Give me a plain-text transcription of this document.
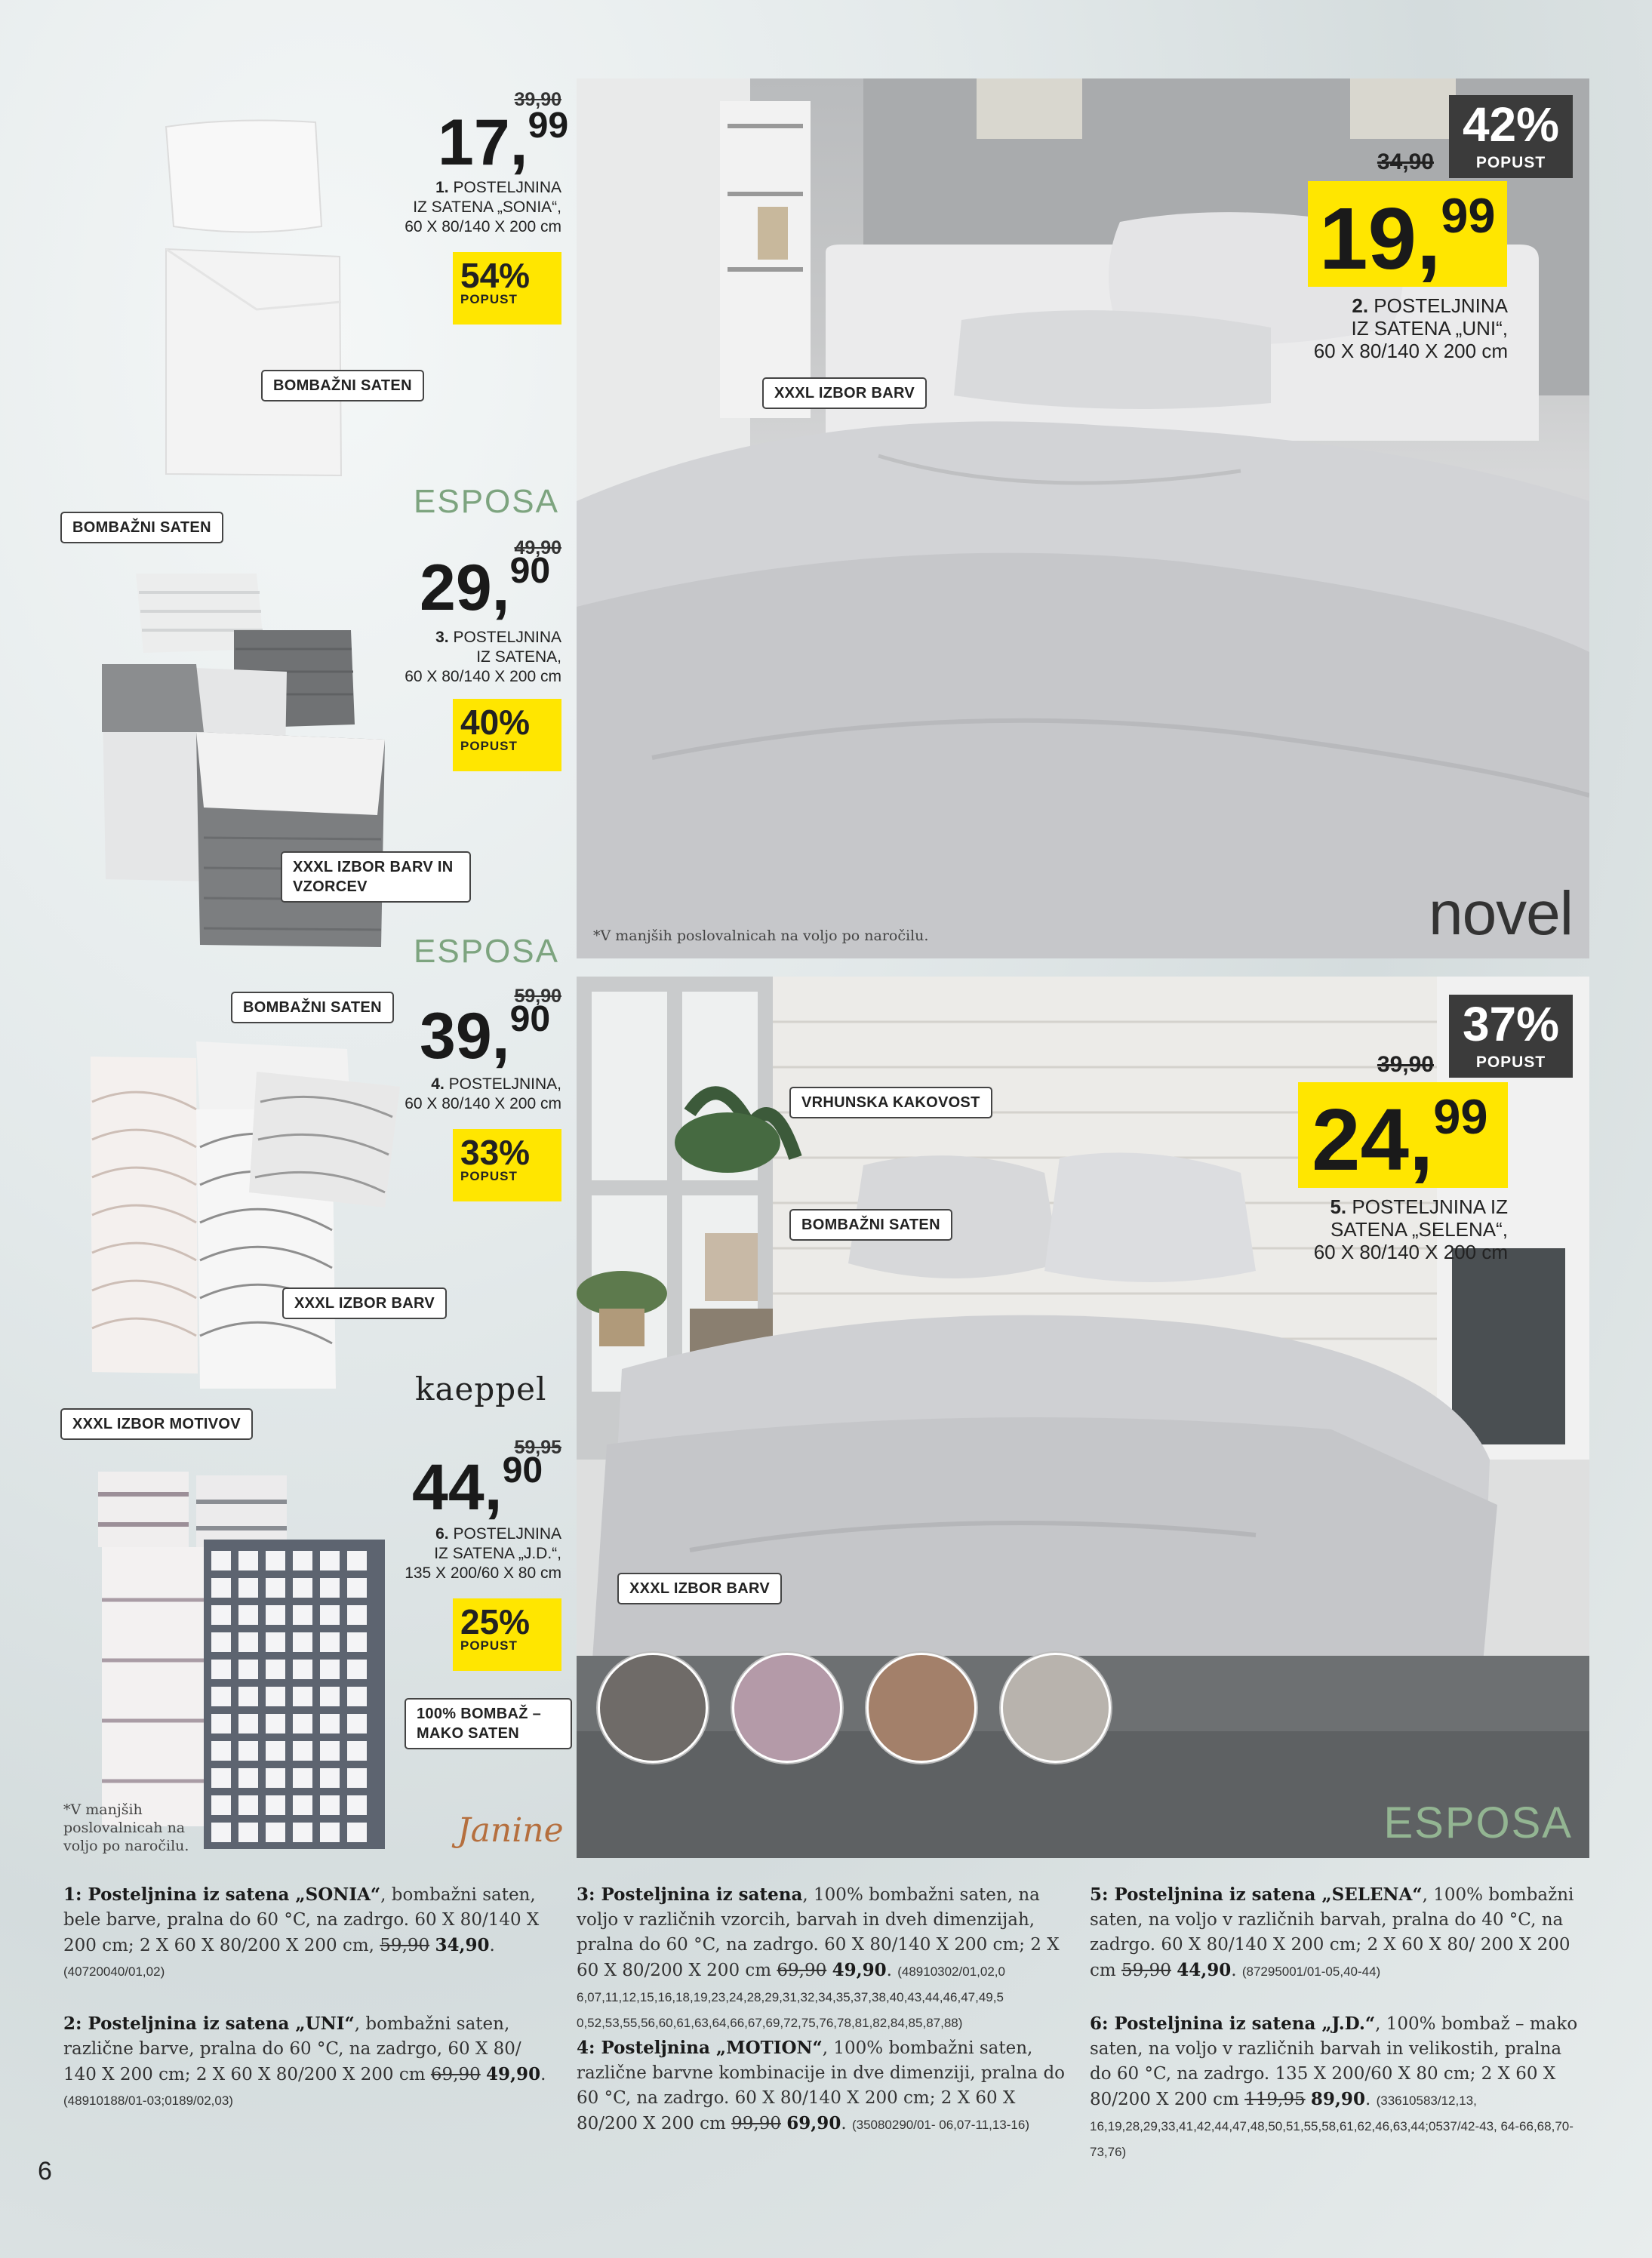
*V manjših poslovalnicah na voljo po naročilu.	novel
42%
POPUST
34,90
19,99
2. POSTELJNINA
IZ SATENA „UNI“,
60 X 80/140 X 200 cm
XXXL IZBOR BARV
ESPOSA
37%
POPUST
39,90
24,99
5. POSTELJNINA IZ
SATENA „SELENA“,
60 X 80/140 X 200 cm
VRHUNSKA KAKOVOST
BOMBAŽNI SATEN
XXXL IZBOR BARV
39,90
17,99
1. POSTELJNINA
IZ SATENA „SONIA“,
60 X 80/140 X 200 cm
54%
POPUST
BOMBAŽNI SATEN
ESPOSA
BOMBAŽNI SATEN
49,90
29,90
3. POSTELJNINA
IZ SATENA,
60 X 80/140 X 200 cm
40%
POPUST
XXXL IZBOR BARV IN VZORCEV
ESPOSA
BOMBAŽNI SATEN
59,90
39,90
4. POSTELJNINA,
60 X 80/140 X 200 cm
33%
POPUST
XXXL IZBOR BARV
kaeppel
XXXL IZBOR MOTIVOV
59,95
44,90
6. POSTELJNINA
IZ SATENA „J.D.“,
135 X 200/60 X 80 cm
25%
POPUST
100% BOMBAŽ – MAKO SATEN
*V manjših poslovalnicah na voljo po naročilu.	Janine
1: Posteljnina iz satena „SONIA“, bombažni saten, bele barve, pralna do 60 °C, na zadrgo. 60 X 80/140 X 200 cm; 2 X 60 X 80/200 X 200 cm, 59,90 34,90. (40720040/01,02)
2: Posteljnina iz satena „UNI“, bombažni saten, različne barve, pralna do 60 °C, na zadrgo, 60 X 80/ 140 X 200 cm; 2 X 60 X 80/200 X 200 cm 69,90 49,90. (48910188/01-03;0189/02,03)
3: Posteljnina iz satena, 100% bombažni saten, na voljo v različnih vzorcih, barvah in dveh dimenzijah, pralna do 60 °C, na zadrgo. 60 X 80/140 X 200 cm; 2 X 60 X 80/200 X 200 cm 69,90 49,90. (48910302/01,02,0 6,07,11,12,15,16,18,19,23,24,28,29,31,32,34,35,37,38,40,43,44,46,47,49,5 0,52,53,55,56,60,61,63,64,66,67,69,72,75,76,78,81,82,84,85,87,88)
4: Posteljnina „MOTION“, 100% bombažni saten, različne barvne kombinacije in dve dimenziji, pralna do 60 °C, na zadrgo. 60 X 80/140 X 200 cm; 2 X 60 X 80/200 X 200 cm 99,90 69,90. (35080290/01- 06,07-11,13-16)
5: Posteljnina iz satena „SELENA“, 100% bombažni saten, na voljo v različnih barvah, pralna do 40 °C, na zadrgo. 60 X 80/140 X 200 cm; 2 X 60 X 80/ 200 X 200 cm 59,90 44,90. (87295001/01-05,40-44)
6: Posteljnina iz satena „J.D.“, 100% bombaž – mako saten, na voljo v različnih barvah in velikostih, pralna do 60 °C, na zadrgo. 135 X 200/60 X 80 cm; 2 X 60 X 80/200 X 200 cm 119,95 89,90. (33610583/12,13, 16,19,28,29,33,41,42,44,47,48,50,51,55,58,61,62,46,63,44;0537/42-43, 64-66,68,70-73,76)
6
